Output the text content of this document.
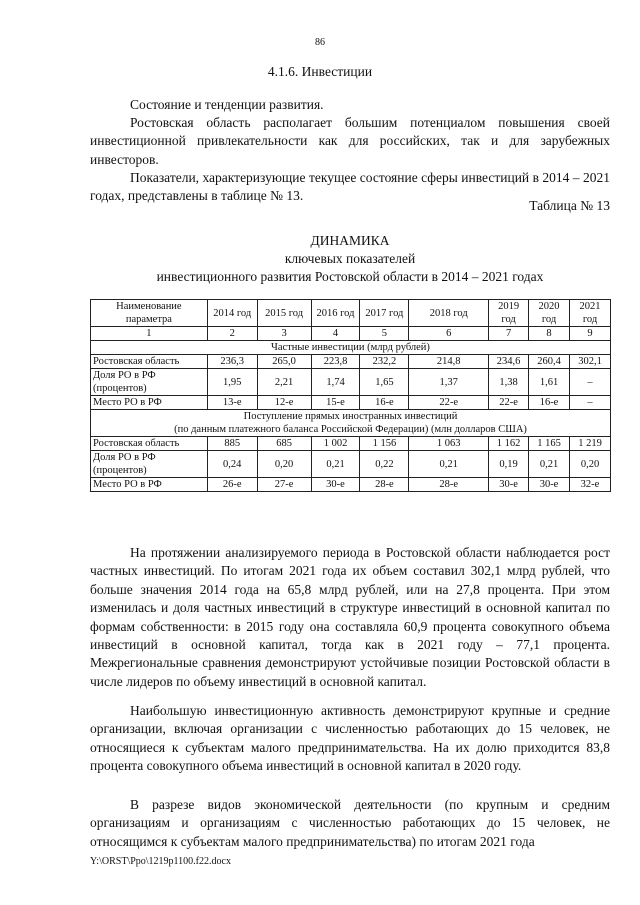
86
4.1.6. Инвестиции
Состояние и тенденции развития.
Ростовская область располагает большим потенциалом повышения своей инвестиционной привлекательности как для российских, так и для зарубежных инвесторов.
Показатели, характеризующие текущее состояние сферы инвестиций в 2014 – 2021 годах, представлены в таблице № 13.
Таблица № 13
ДИНАМИКА
ключевых показателей
инвестиционного развития Ростовской области в 2014 – 2021 годах
Наименование параметра	2014 год	2015 год	2016 год	2017 год	2018 год	2019 год	2020 год	2021 год
1	2	3	4	5	6	7	8	9
Частные инвестиции (млрд рублей)								
Ростовская область	236,3	265,0	223,8	232,2	214,8	234,6	260,4	302,1
Доля РО в РФ (процентов)	1,95	2,21	1,74	1,65	1,37	1,38	1,61	–
Место РО в РФ	13-е	12-е	15-е	16-е	22-е	22-е	16-е	–

Поступление прямых иностранных инвестиций
(по данным платежного баланса Российской Федерации) (млн долларов США)								

Ростовская область	885	685	1 002	1 156	1 063	1 162	1 165	1 219
Доля РО в РФ (процентов)	0,24	0,20	0,21	0,22	0,21	0,19	0,21	0,20
Место РО в РФ	26-е	27-е	30-е	28-е	28-е	30-е	30-е	32-е
На протяжении анализируемого периода в Ростовской области наблюдается рост частных инвестиций. По итогам 2021 года их объем составил 302,1 млрд рублей, что больше значения 2014 года на 65,8 млрд рублей, или на 27,8 процента. При этом изменилась и доля частных инвестиций в структуре инвестиций в основной капитал по формам собственности: в 2015 году она составляла 60,9 процента совокупного объема инвестиций в основной капитал, тогда как в 2021 году – 77,1 процента. Межрегиональные сравнения демонстрируют устойчивые позиции Ростовской области в числе лидеров по объему инвестиций в основной капитал.
Наибольшую инвестиционную активность демонстрируют крупные и средние организации, включая организации с численностью работающих до 15 человек, не относящиеся к субъектам малого предпринимательства. На их долю приходится 83,8 процента совокупного объема инвестиций в основной капитал в 2020 году.
В разрезе видов экономической деятельности (по крупным и средним организациям и организациям с численностью работающих до 15 человек, не относящимся к субъектам малого предпринимательства) по итогам 2021 года
Y:\ORST\Ppo\1219p1100.f22.docx
